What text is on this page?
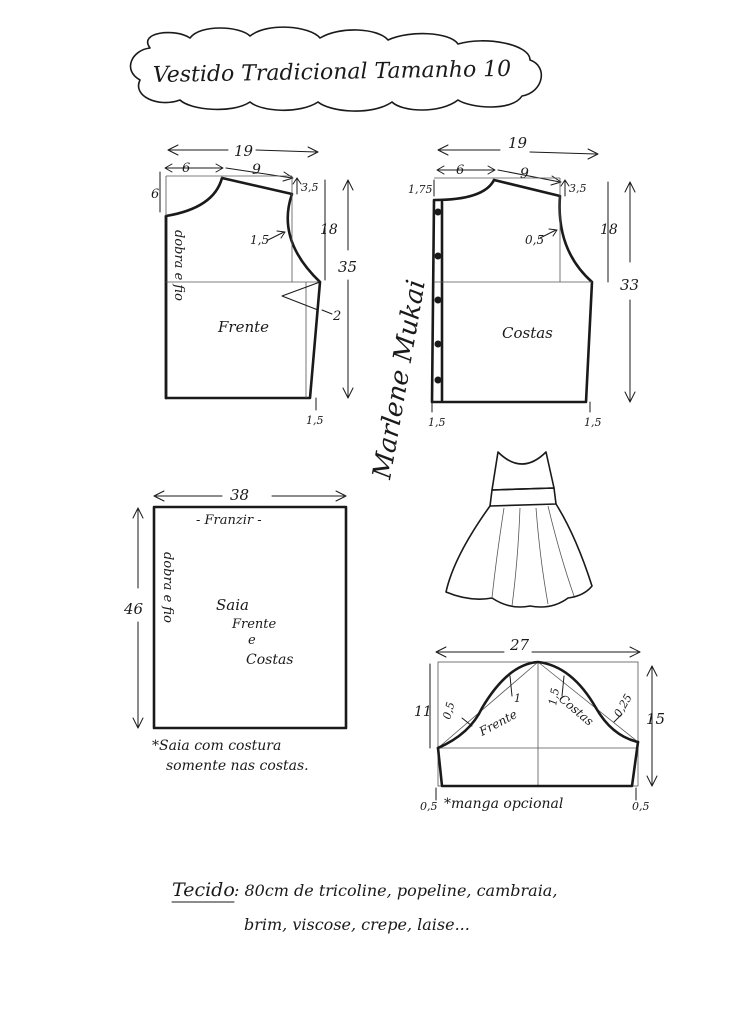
Vestido Tradicional Tamanho 10
19
6	9
6
2
3,5
1,5
18
35
dobra e fio
Frente
1,5
19
6	9
1,75	3,5
0,5
18
33
Costas
1,5	1,5
Marlene Mukai
38
- Franzir -
46 dobra e fio	Saia
Frente
e
Costas
*Saia com costura
somente nas costas.
27
11	15
0,5
1 1,5	0,25
Frente	Costas
0,5	0,5
*manga opcional
Tecido : 80cm de tricoline, popeline, cambraia,
brim, viscose, crepe, laise...
